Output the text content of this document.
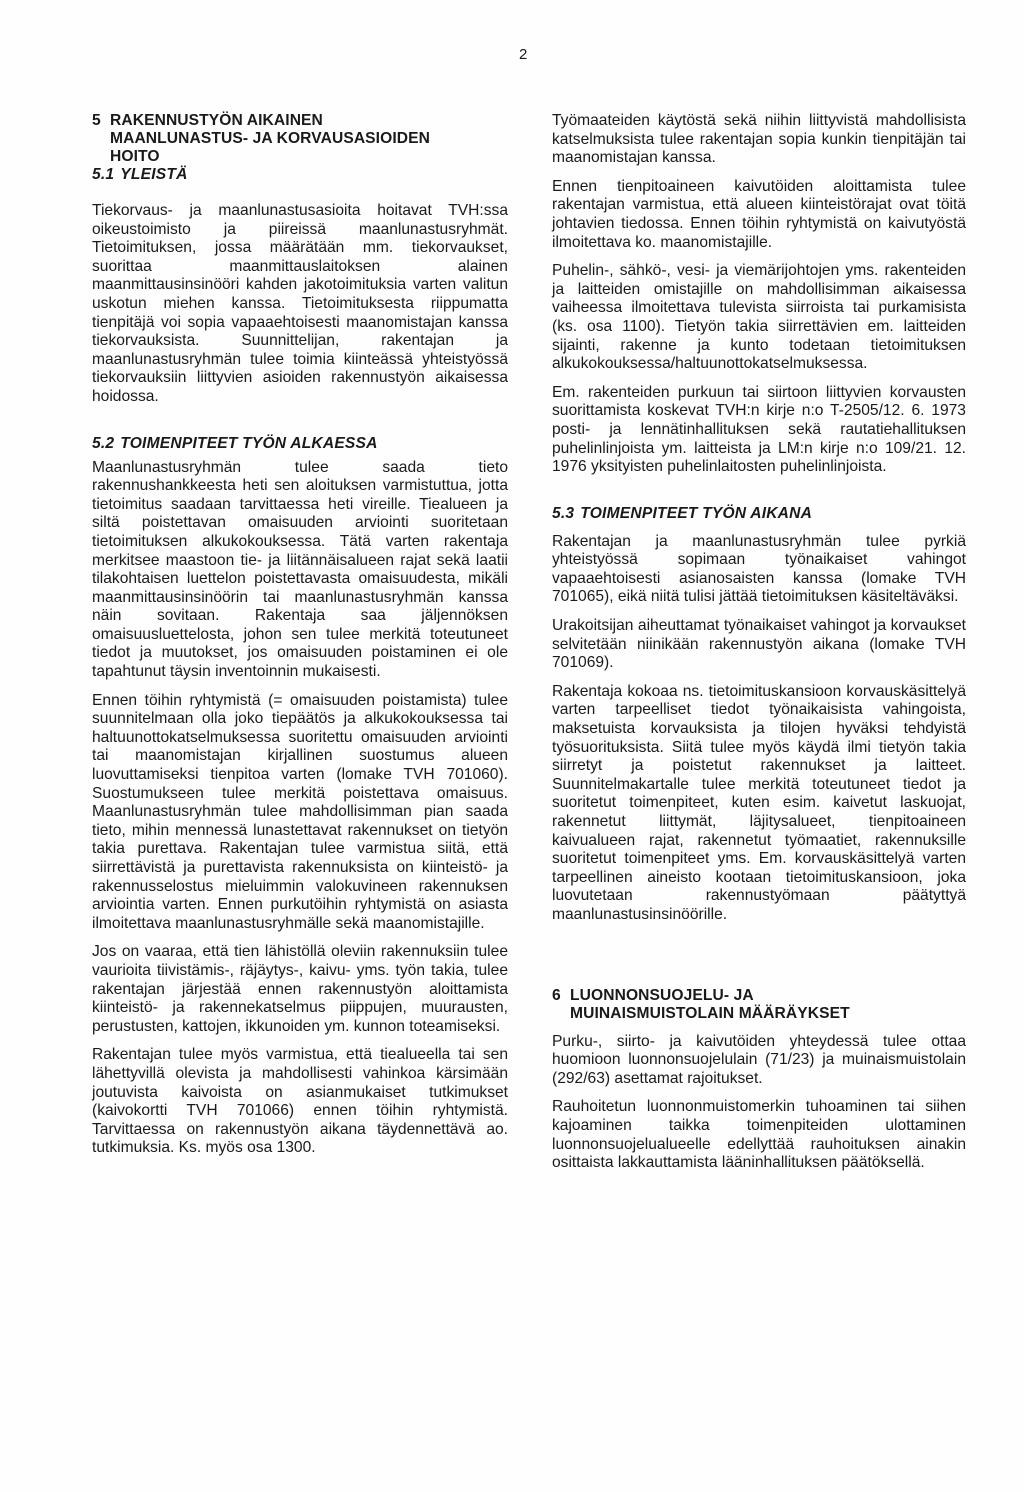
2
5 RAKENNUSTYÖN AIKAINEN
MAANLUNASTUS- JA KORVAUSASIOIDEN
HOITO
5.1 YLEISTÄ

Tiekorvaus- ja maanlunastusasioita hoitavat TVH:ssa oikeustoimisto ja piireissä maanlunastusryhmät. Tietoimituksen, jossa määrätään mm. tiekorvaukset, suorittaa maanmittauslaitoksen alainen maanmittausinsinööri kahden jakotoimituksia varten valitun uskotun miehen kanssa. Tietoimituksesta riippumatta tienpitäjä voi sopia vapaaehtoisesti maanomistajan kanssa tiekorvauksista. Suunnittelijan, rakentajan ja maanlunastusryhmän tulee toimia kiinteässä yhteistyössä tiekorvauksiin liittyvien asioiden rakennustyön aikaisessa hoidossa.

5.2 TOIMENPITEET TYÖN ALKAESSA

Maanlunastusryhmän tulee saada tieto rakennushankkeesta heti sen aloituksen varmistuttua, jotta tietoimitus saadaan tarvittaessa heti vireille. Tiealueen ja siltä poistettavan omaisuuden arviointi suoritetaan tietoimituksen alkukokouksessa. Tätä varten rakentaja merkitsee maastoon tie- ja liitännäisalueen rajat sekä laatii tilakohtaisen luettelon poistettavasta omaisuudesta, mikäli maanmittausinsinöörin tai maanlunastusryhmän kanssa näin sovitaan. Rakentaja saa jäljennöksen omaisuusluettelosta, johon sen tulee merkitä toteutuneet tiedot ja muutokset, jos omaisuuden poistaminen ei ole tapahtunut täysin inventoinnin mukaisesti.

Ennen töihin ryhtymistä (= omaisuuden poistamista) tulee suunnitelmaan olla joko tiepäätös ja alkukokouksessa tai haltuunottokatselmuksessa suoritettu omaisuuden arviointi tai maanomistajan kirjallinen suostumus alueen luovuttamiseksi tienpitoa varten (lomake TVH 701060). Suostumukseen tulee merkitä poistettava omaisuus. Maanlunastusryhmän tulee mahdollisimman pian saada tieto, mihin mennessä lunastettavat rakennukset on tietyön takia purettava. Rakentajan tulee varmistua siitä, että siirrettävistä ja purettavista rakennuksista on kiinteistö- ja rakennusselostus mieluimmin valokuvineen rakennuksen arviointia varten. Ennen purkutöihin ryhtymistä on asiasta ilmoitettava maanlunastusryhmälle sekä maanomistajille.

Jos on vaaraa, että tien lähistöllä oleviin rakennuksiin tulee vaurioita tiivistämis-, räjäytys-, kaivu- yms. työn takia, tulee rakentajan järjestää ennen rakennustyön aloittamista kiinteistö- ja rakennekatselmus piippujen, muurausten, perustusten, kattojen, ikkunoiden ym. kunnon toteamiseksi.

Rakentajan tulee myös varmistua, että tiealueella tai sen lähettyvillä olevista ja mahdollisesti vahinkoa kärsimään joutuvista kaivoista on asianmukaiset tutkimukset (kaivokortti TVH 701066) ennen töihin ryhtymistä. Tarvittaessa on rakennustyön aikana täydennettävä ao. tutkimuksia. Ks. myös osa 1300.

Työmaateiden käytöstä sekä niihin liittyvistä mahdollisista katselmuksista tulee rakentajan sopia kunkin tienpitäjän tai maanomistajan kanssa.

Ennen tienpitoaineen kaivutöiden aloittamista tulee rakentajan varmistua, että alueen kiinteistörajat ovat töitä johtavien tiedossa. Ennen töihin ryhtymistä on kaivutyöstä ilmoitettava ko. maanomistajille.

Puhelin-, sähkö-, vesi- ja viemärijohtojen yms. rakenteiden ja laitteiden omistajille on mahdollisimman aikaisessa vaiheessa ilmoitettava tulevista siirroista tai purkamisista (ks. osa 1100). Tietyön takia siirrettävien em. laitteiden sijainti, rakenne ja kunto todetaan tietoimituksen alkukokouksessa/haltuunottokatselmuksessa.

Em. rakenteiden purkuun tai siirtoon liittyvien korvausten suorittamista koskevat TVH:n kirje n:o T-2505/12. 6. 1973 posti- ja lennätinhallituksen sekä rautatiehallituksen puhelinlinjoista ym. laitteista ja LM:n kirje n:o 109/21. 12. 1976 yksityisten puhelinlaitosten puhelinlinjoista.

5.3 TOIMENPITEET TYÖN AIKANA

Rakentajan ja maanlunastusryhmän tulee pyrkiä yhteistyössä sopimaan työnaikaiset vahingot vapaaehtoisesti asianosaisten kanssa (lomake TVH 701065), eikä niitä tulisi jättää tietoimituksen käsiteltäväksi.

Urakoitsijan aiheuttamat työnaikaiset vahingot ja korvaukset selvitetään niinikään rakennustyön aikana (lomake TVH 701069).

Rakentaja kokoaa ns. tietoimituskansioon korvauskäsittelyä varten tarpeelliset tiedot työnaikaisista vahingoista, maksetuista korvauksista ja tilojen hyväksi tehdyistä työsuorituksista. Siitä tulee myös käydä ilmi tietyön takia siirretyt ja poistetut rakennukset ja laitteet. Suunnitelmakartalle tulee merkitä toteutuneet tiedot ja suoritetut toimenpiteet, kuten esim. kaivetut laskuojat, rakennetut liittymät, läjitysalueet, tienpitoaineen kaivualueen rajat, rakennetut työmaatiet, rakennuksille suoritetut toimenpiteet yms. Em. korvauskäsittelyä varten tarpeellinen aineisto kootaan tietoimituskansioon, joka luovutetaan rakennustyömaan päätyttyä maanlunastusinsinöörille.

6 LUONNONSUOJELU- JA
MUINAISMUISTOLAIN MÄÄRÄYKSET

Purku-, siirto- ja kaivutöiden yhteydessä tulee ottaa huomioon luonnonsuojelulain (71/23) ja muinaismuistolain (292/63) asettamat rajoitukset.

Rauhoitetun luonnonmuistomerkin tuhoaminen tai siihen kajoaminen taikka toimenpiteiden ulottaminen luonnonsuojelualueelle edellyttää rauhoituksen ainakin osittaista lakkauttamista lääninhallituksen päätöksellä.
